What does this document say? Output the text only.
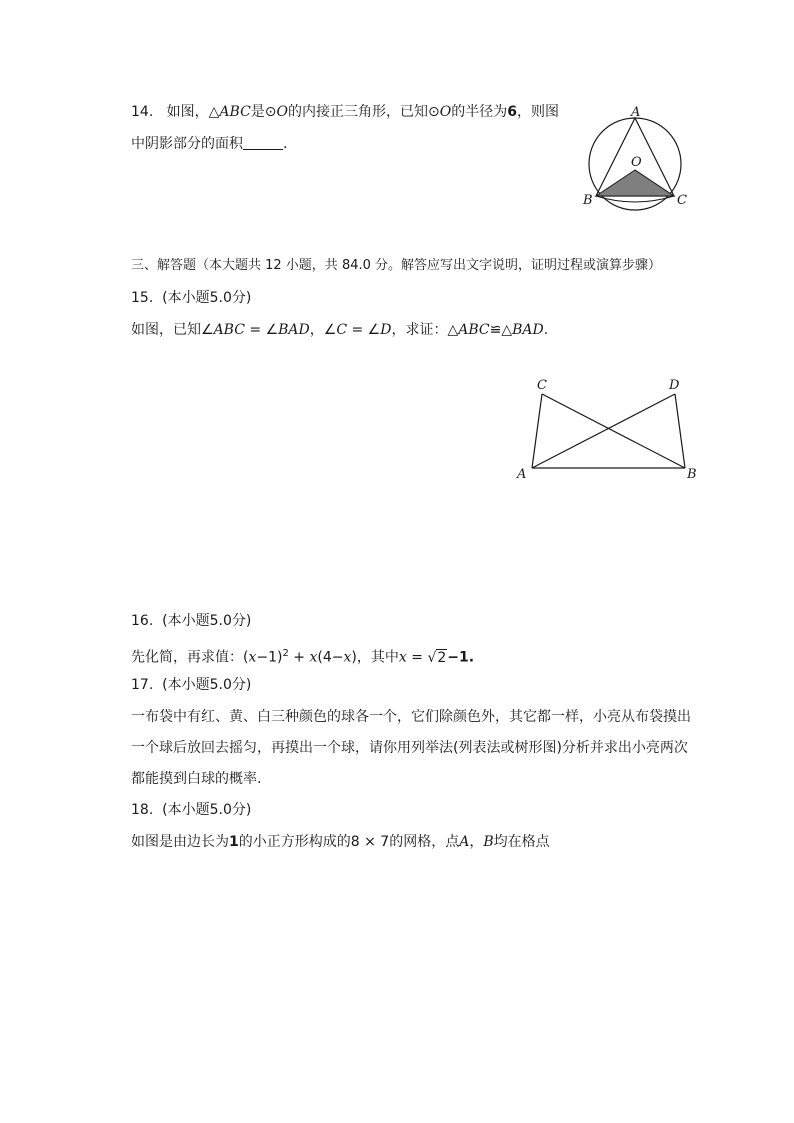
14. 如图，△ABC是⊙O的内接正三角形，已知⊙O的半径为6，则图
中阴影部分的面积	.
A
O
B	C
三、解答题（本大题共 12 小题，共 84.0 分。解答应写出文字说明，证明过程或演算步骤）
15. (本小题5.0分)
如图，已知∠ABC = ∠BAD，∠C = ∠D，求证：△ABC≌△BAD.
C	D
A	B
16. (本小题5.0分)
先化简，再求值：$(x-1)^2 + x(4-x)$，其中x = √2−1.
17. (本小题5.0分)
一布袋中有红、黄、白三种颜色的球各一个，它们除颜色外，其它都一样，小亮从布袋摸出
一个球后放回去摇匀，再摸出一个球，请你用列举法(列表法或树形图)分析并求出小亮两次
都能摸到白球的概率.
18. (本小题5.0分)
如图是由边长为1的小正方形构成的8 × 7的网格，点A，B均在格点
